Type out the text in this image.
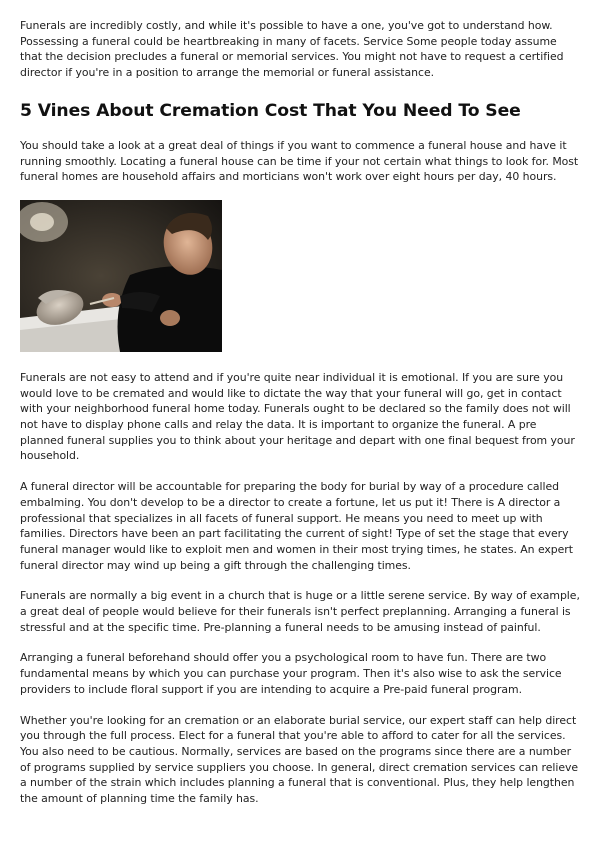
Funerals are incredibly costly, and while it's possible to have a one, you've got to understand how. Possessing a funeral could be heartbreaking in many of facets. Service Some people today assume that the decision precludes a funeral or memorial services. You might not have to request a certified director if you're in a position to arrange the memorial or funeral assistance.

5 Vines About Cremation Cost That You Need To See

You should take a look at a great deal of things if you want to commence a funeral house and have it running smoothly. Locating a funeral house can be time if your not certain what things to look for. Most funeral homes are household affairs and morticians won't work over eight hours per day, 40 hours.

Funerals are not easy to attend and if you're quite near individual it is emotional. If you are sure you would love to be cremated and would like to dictate the way that your funeral will go, get in contact with your neighborhood funeral home today. Funerals ought to be declared so the family does not will not have to display phone calls and relay the data. It is important to organize the funeral. A pre planned funeral supplies you to think about your heritage and depart with one final bequest from your household.

A funeral director will be accountable for preparing the body for burial by way of a procedure called embalming. You don't develop to be a director to create a fortune, let us put it! There is A director a professional that specializes in all facets of funeral support. He means you need to meet up with families. Directors have been an part facilitating the current of sight! Type of set the stage that every funeral manager would like to exploit men and women in their most trying times, he states. An expert funeral director may wind up being a gift through the challenging times.

Funerals are normally a big event in a church that is huge or a little serene service. By way of example, a great deal of people would believe for their funerals isn't perfect preplanning. Arranging a funeral is stressful and at the specific time. Pre-planning a funeral needs to be amusing instead of painful.

Arranging a funeral beforehand should offer you a psychological room to have fun. There are two fundamental means by which you can purchase your program. Then it's also wise to ask the service providers to include floral support if you are intending to acquire a Pre-paid funeral program.

Whether you're looking for an cremation or an elaborate burial service, our expert staff can help direct you through the full process. Elect for a funeral that you're able to afford to cater for all the services. You also need to be cautious. Normally, services are based on the programs since there are a number of programs supplied by service suppliers you choose. In general, direct cremation services can relieve a number of the strain which includes planning a funeral that is conventional. Plus, they help lengthen the amount of planning time the family has.
